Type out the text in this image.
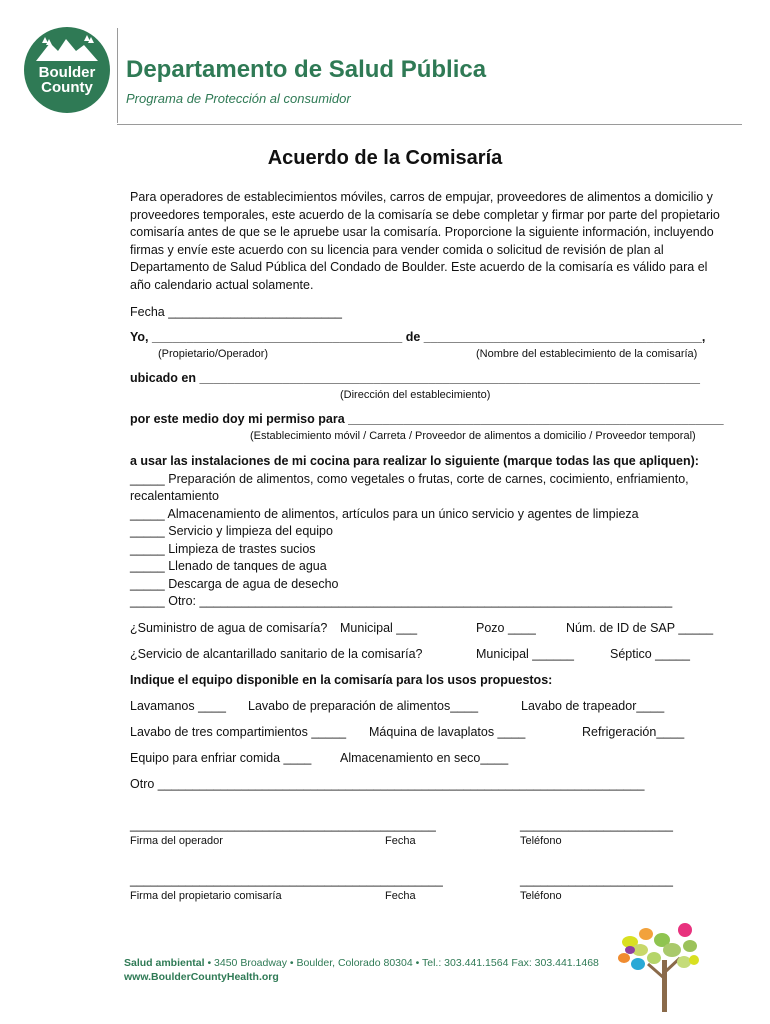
Boulder
County
Departamento de Salud Pública
Programa de Protección al consumidor
Acuerdo de la Comisaría
Para operadores de establecimientos móviles, carros de empujar, proveedores de alimentos a domicilio y proveedores temporales, este acuerdo de la comisaría se debe completar y firmar por parte del propietario comisaría antes de que se le apruebe usar la comisaría. Proporcione la siguiente información, incluyendo firmas y envíe este acuerdo con su licencia para vender comida o solicitud de revisión de plan al Departamento de Salud Pública del Condado de Boulder. Este acuerdo de la comisaría es válido para el año calendario actual solamente.
Fecha _________________________
Yo, ____________________________________ de ________________________________________,
(Propietario/Operador)	(Nombre del establecimiento de la comisaría)
ubicado en ________________________________________________________________________
(Dirección del establecimiento)
por este medio doy mi permiso para ______________________________________________________
(Establecimiento móvil / Carreta / Proveedor de alimentos a domicilio / Proveedor temporal)
a usar las instalaciones de mi cocina para realizar lo siguiente (marque todas las que apliquen):
_____ Preparación de alimentos, como vegetales o frutas, corte de carnes, cocimiento, enfriamiento,
recalentamiento
_____ Almacenamiento de alimentos, artículos para un único servicio y agentes de limpieza
_____ Servicio y limpieza del equipo
_____ Limpieza de trastes sucios
_____ Llenado de tanques de agua
_____ Descarga de agua de desecho
_____ Otro: ____________________________________________________________________
¿Suministro de agua de comisaría? Municipal ___	Pozo ____ Núm. de ID de SAP _____
¿Servicio de alcantarillado sanitario de la comisaría?	Municipal ______	Séptico _____
Indique el equipo disponible en la comisaría para los usos propuestos:
Lavamanos ____ Lavabo de preparación de alimentos____	Lavabo de trapeador____
Lavabo de tres compartimientos _____ Máquina de lavaplatos ____	Refrigeración____
Equipo para enfriar comida ____ Almacenamiento en seco____
Otro ______________________________________________________________________
____________________________________________	______________________
Firma del operador	Fecha	Teléfono
_____________________________________________	______________________
Firma del propietario comisaría	Fecha	Teléfono
Salud ambiental • 3450 Broadway • Boulder, Colorado 80304 • Tel.: 303.441.1564 Fax: 303.441.1468
www.BoulderCountyHealth.org
